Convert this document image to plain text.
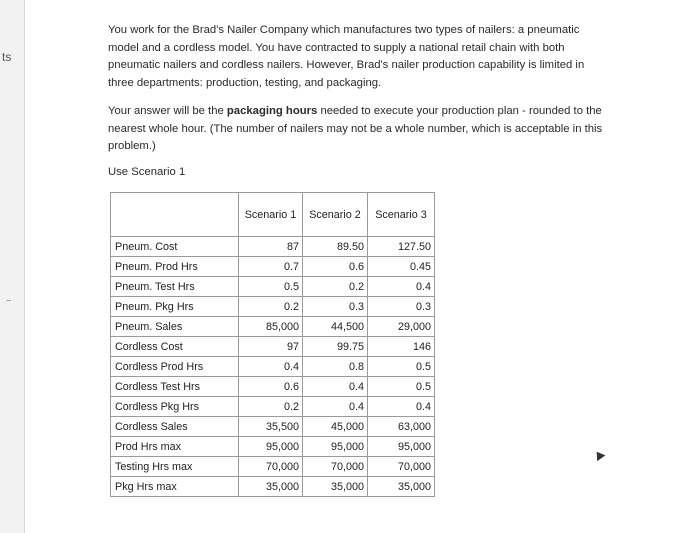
ts

You work for the Brad's Nailer Company which manufactures two types of nailers: a pneumatic model and a cordless model. You have contracted to supply a national retail chain with both pneumatic nailers and cordless nailers. However, Brad's nailer production capability is limited in three departments: production, testing, and packaging.

Your answer will be the packaging hours needed to execute your production plan - rounded to the nearest whole hour. (The number of nailers may not be a whole number, which is acceptable in this problem.)

Use Scenario 1
	Scenario 1	Scenario 2	Scenario 3
Pneum. Cost	87	89.50	127.50
Pneum. Prod Hrs	0.7	0.6	0.45
Pneum. Test Hrs	0.5	0.2	0.4
Pneum. Pkg Hrs	0.2	0.3	0.3
Pneum. Sales	85,000	44,500	29,000
Cordless Cost	97	99.75	146
Cordless Prod Hrs	0.4	0.8	0.5
Cordless Test Hrs	0.6	0.4	0.5
Cordless Pkg Hrs	0.2	0.4	0.4
Cordless Sales	35,500	45,000	63,000
Prod Hrs max	95,000	95,000	95,000
Testing Hrs max	70,000	70,000	70,000
Pkg Hrs max	35,000	35,000	35,000
